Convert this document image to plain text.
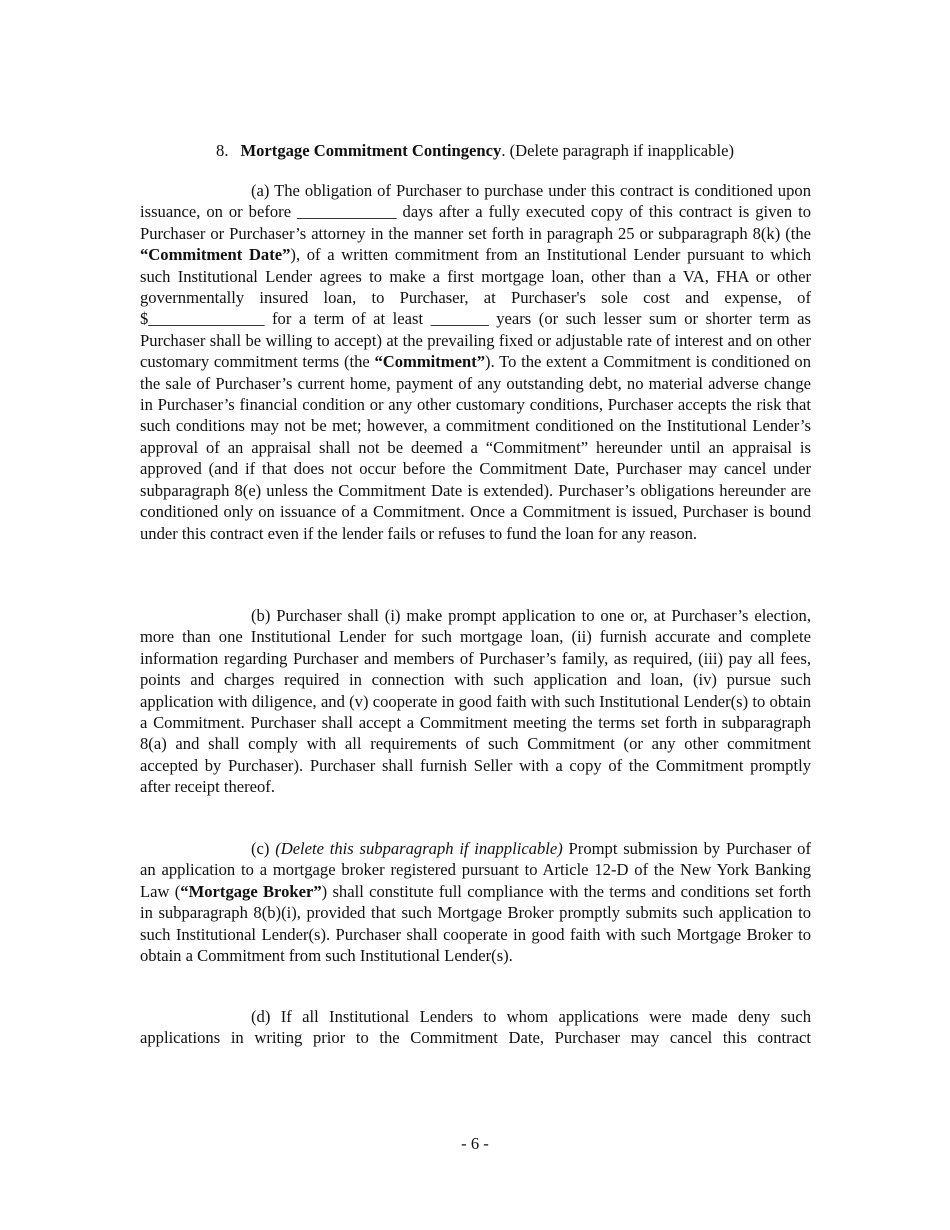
8. Mortgage Commitment Contingency. (Delete paragraph if inapplicable)

(a) The obligation of Purchaser to purchase under this contract is conditioned upon issuance, on or before ____________ days after a fully executed copy of this contract is given to Purchaser or Purchaser’s attorney in the manner set forth in paragraph 25 or subparagraph 8(k) (the “Commitment Date”), of a written commitment from an Institutional Lender pursuant to which such Institutional Lender agrees to make a first mortgage loan, other than a VA, FHA or other governmentally insured loan, to Purchaser, at Purchaser's sole cost and expense, of $______________ for a term of at least _______ years (or such lesser sum or shorter term as Purchaser shall be willing to accept) at the prevailing fixed or adjustable rate of interest and on other customary commitment terms (the “Commitment”). To the extent a Commitment is conditioned on the sale of Purchaser’s current home, payment of any outstanding debt, no material adverse change in Purchaser’s financial condition or any other customary conditions, Purchaser accepts the risk that such conditions may not be met; however, a commitment conditioned on the Institutional Lender’s approval of an appraisal shall not be deemed a “Commitment” hereunder until an appraisal is approved (and if that does not occur before the Commitment Date, Purchaser may cancel under subparagraph 8(e) unless the Commitment Date is extended). Purchaser’s obligations hereunder are conditioned only on issuance of a Commitment. Once a Commitment is issued, Purchaser is bound under this contract even if the lender fails or refuses to fund the loan for any reason.

(b) Purchaser shall (i) make prompt application to one or, at Purchaser’s election, more than one Institutional Lender for such mortgage loan, (ii) furnish accurate and complete information regarding Purchaser and members of Purchaser’s family, as required, (iii) pay all fees, points and charges required in connection with such application and loan, (iv) pursue such application with diligence, and (v) cooperate in good faith with such Institutional Lender(s) to obtain a Commitment. Purchaser shall accept a Commitment meeting the terms set forth in subparagraph 8(a) and shall comply with all requirements of such Commitment (or any other commitment accepted by Purchaser). Purchaser shall furnish Seller with a copy of the Commitment promptly after receipt thereof.

(c) (Delete this subparagraph if inapplicable) Prompt submission by Purchaser of an application to a mortgage broker registered pursuant to Article 12-D of the New York Banking Law (“Mortgage Broker”) shall constitute full compliance with the terms and conditions set forth in subparagraph 8(b)(i), provided that such Mortgage Broker promptly submits such application to such Institutional Lender(s). Purchaser shall cooperate in good faith with such Mortgage Broker to obtain a Commitment from such Institutional Lender(s).

(d) If all Institutional Lenders to whom applications were made deny such applications in writing prior to the Commitment Date, Purchaser may cancel this contract

- 6 -
